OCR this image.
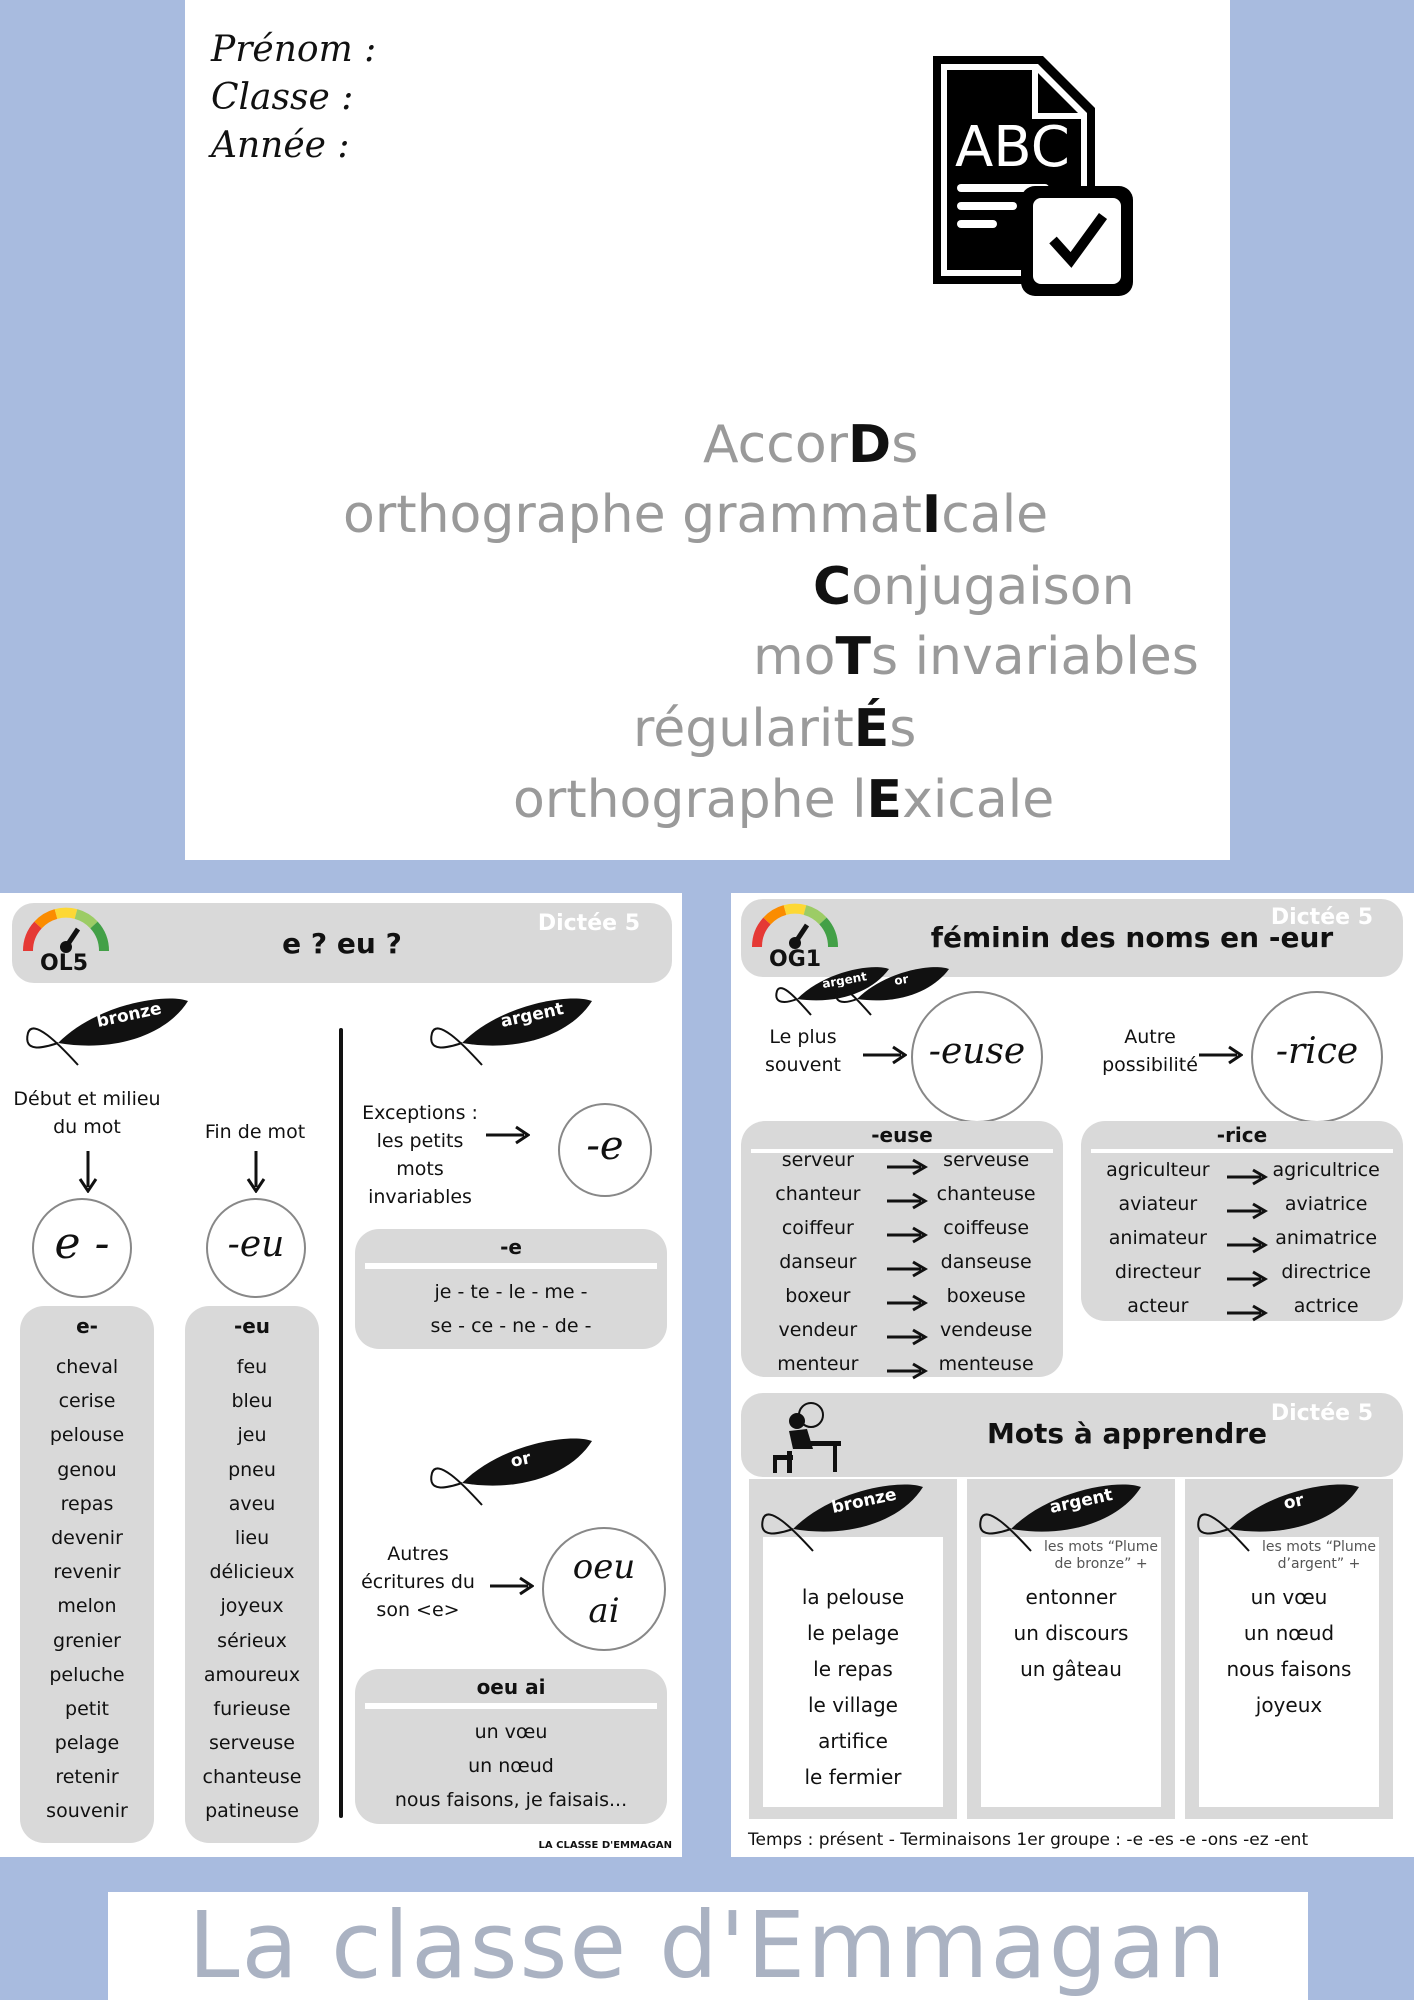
Prénom :
Classe :
Année :	ABC
AccorDs
orthographe grammatIcale
Conjugaison
moTs invariables
régularitÉs
orthographe lExicale
OL5
e ? eu ?
Dictée 5
bronze
Début et milieu du mot	Fin de mot
e -	-eu
e-
cheval
cerise
pelouse
genou
repas
devenir
revenir
melon
grenier
peluche
petit
pelage
retenir
souvenir
-eu
feu
bleu
jeu
pneu
aveu
lieu
délicieux
joyeux
sérieux
amoureux
furieuse
serveuse
chanteuse
patineuse
argent
Exceptions : les petits mots invariables
-e
-e
je - te - le - me -
se - ce - ne - de -
or
Autres écritures du son <e>
oeu
ai
oeu ai
un vœu
un nœud
nous faisons, je faisais...
LA CLASSE D'EMMAGAN
OG1
féminin des noms en -eur
Dictée 5
argent or
Le plus souvent	-euse	Autre possibilité	-rice
-euse
serveur	serveuse
chanteur	chanteuse
coiffeur	coiffeuse
danseur	danseuse
boxeur	boxeuse
vendeur	vendeuse
menteur	menteuse
-rice
agriculteur	agricultrice
aviateur	aviatrice
animateur	animatrice
directeur	directrice
acteur	actrice
Mots à apprendre
Dictée 5
bronze
la pelouse
le pelage
le repas
le village
artifice
le fermier
argent
les mots “Plume de bronze” +
entonner
un discours
un gâteau
or
les mots “Plume d’argent” +
un vœu
un nœud
nous faisons
joyeux
Temps : présent - Terminaisons 1er groupe : -e -es -e -ons -ez -ent
La classe d'Emmagan
